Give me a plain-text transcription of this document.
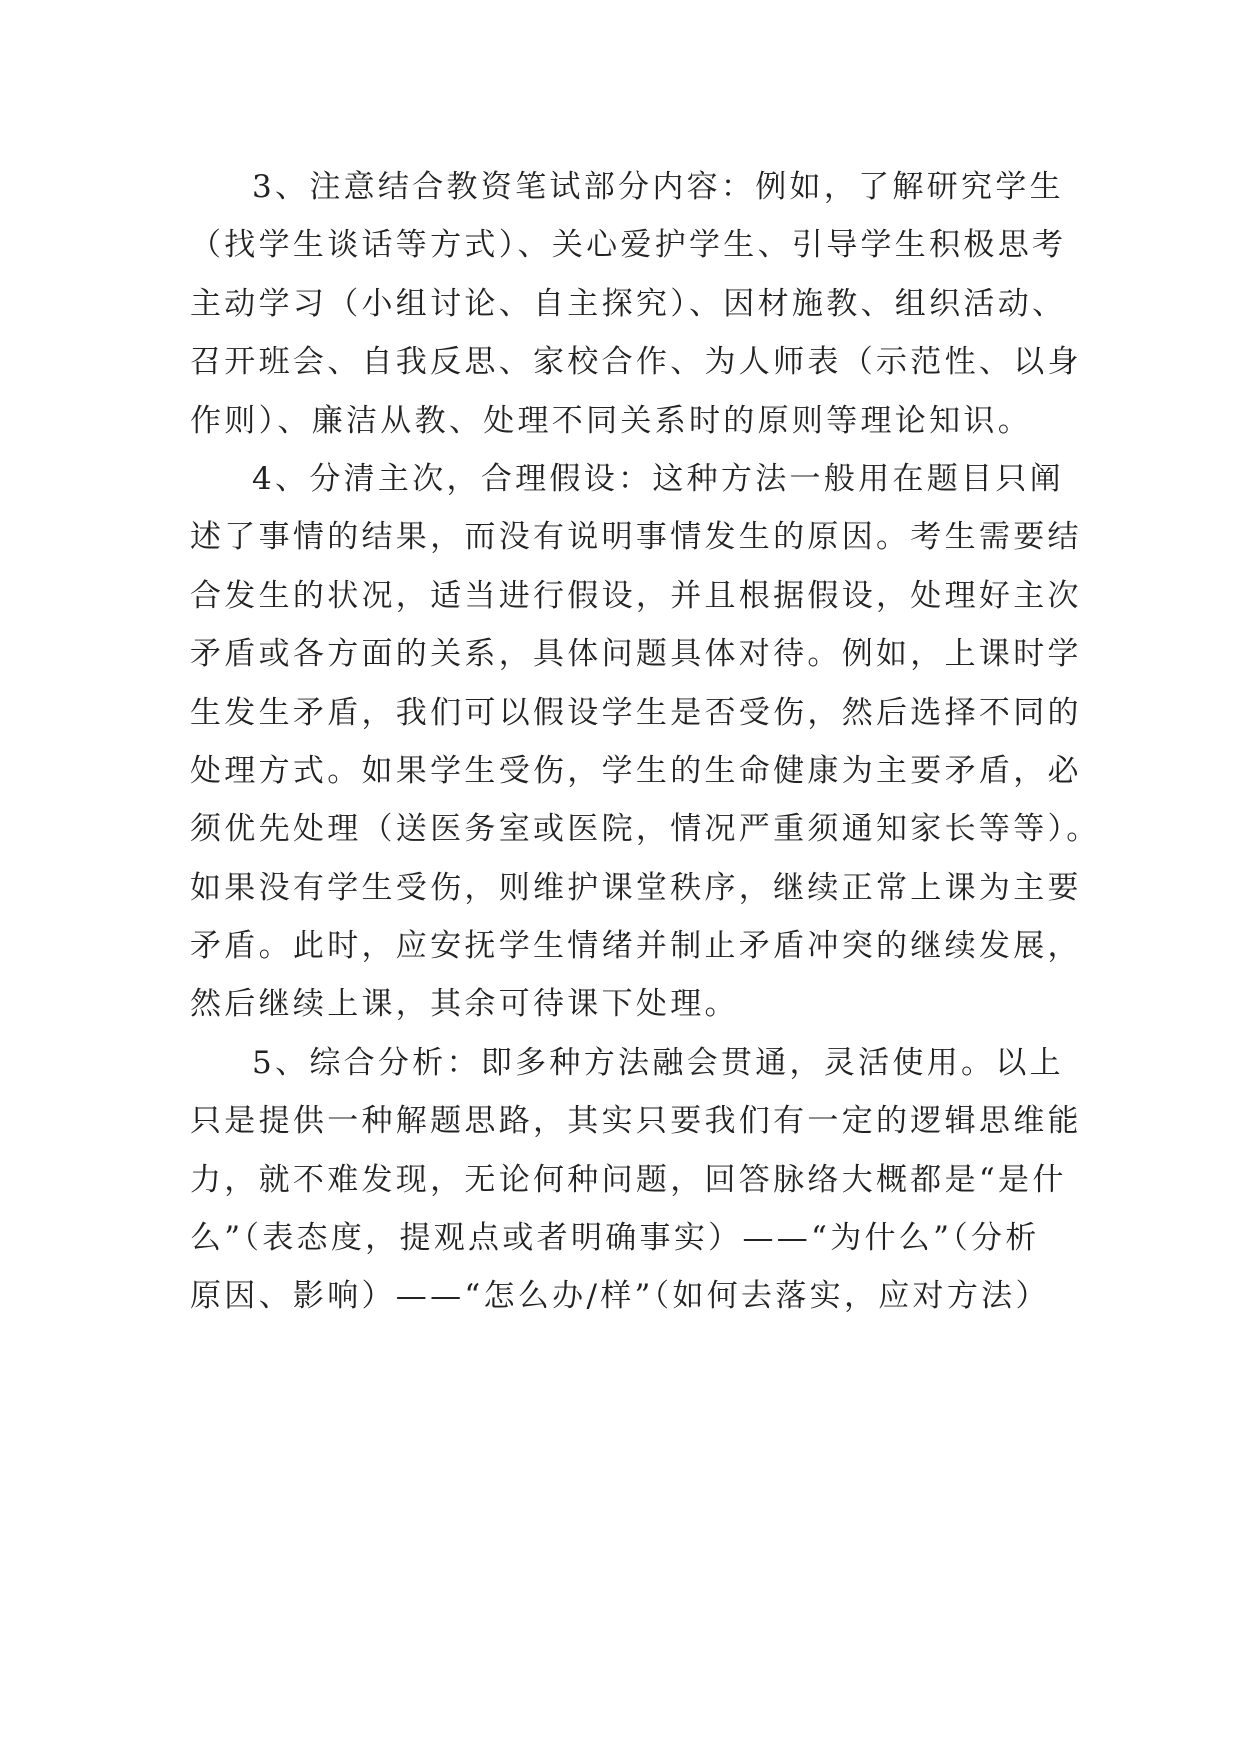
3、注意结合教资笔试部分内容：例如，了解研究学生
（找学生谈话等方式）、关心爱护学生、引导学生积极思考
主动学习（小组讨论、自主探究）、因材施教、组织活动、
召开班会、自我反思、家校合作、为人师表（示范性、以身
作则）、廉洁从教、处理不同关系时的原则等理论知识。
4、分清主次，合理假设：这种方法一般用在题目只阐
述了事情的结果，而没有说明事情发生的原因。考生需要结
合发生的状况，适当进行假设，并且根据假设，处理好主次
矛盾或各方面的关系，具体问题具体对待。例如，上课时学
生发生矛盾，我们可以假设学生是否受伤，然后选择不同的
处理方式。如果学生受伤，学生的生命健康为主要矛盾，必
须优先处理（送医务室或医院，情况严重须通知家长等等）。
如果没有学生受伤，则维护课堂秩序，继续正常上课为主要
矛盾。此时，应安抚学生情绪并制止矛盾冲突的继续发展，
然后继续上课，其余可待课下处理。
5、综合分析：即多种方法融会贯通，灵活使用。以上
只是提供一种解题思路，其实只要我们有一定的逻辑思维能
力，就不难发现，无论何种问题，回答脉络大概都是“是什
么”（表态度，提观点或者明确事实）——“为什么”（分析
原因、影响）——“怎么办/样”（如何去落实，应对方法）
